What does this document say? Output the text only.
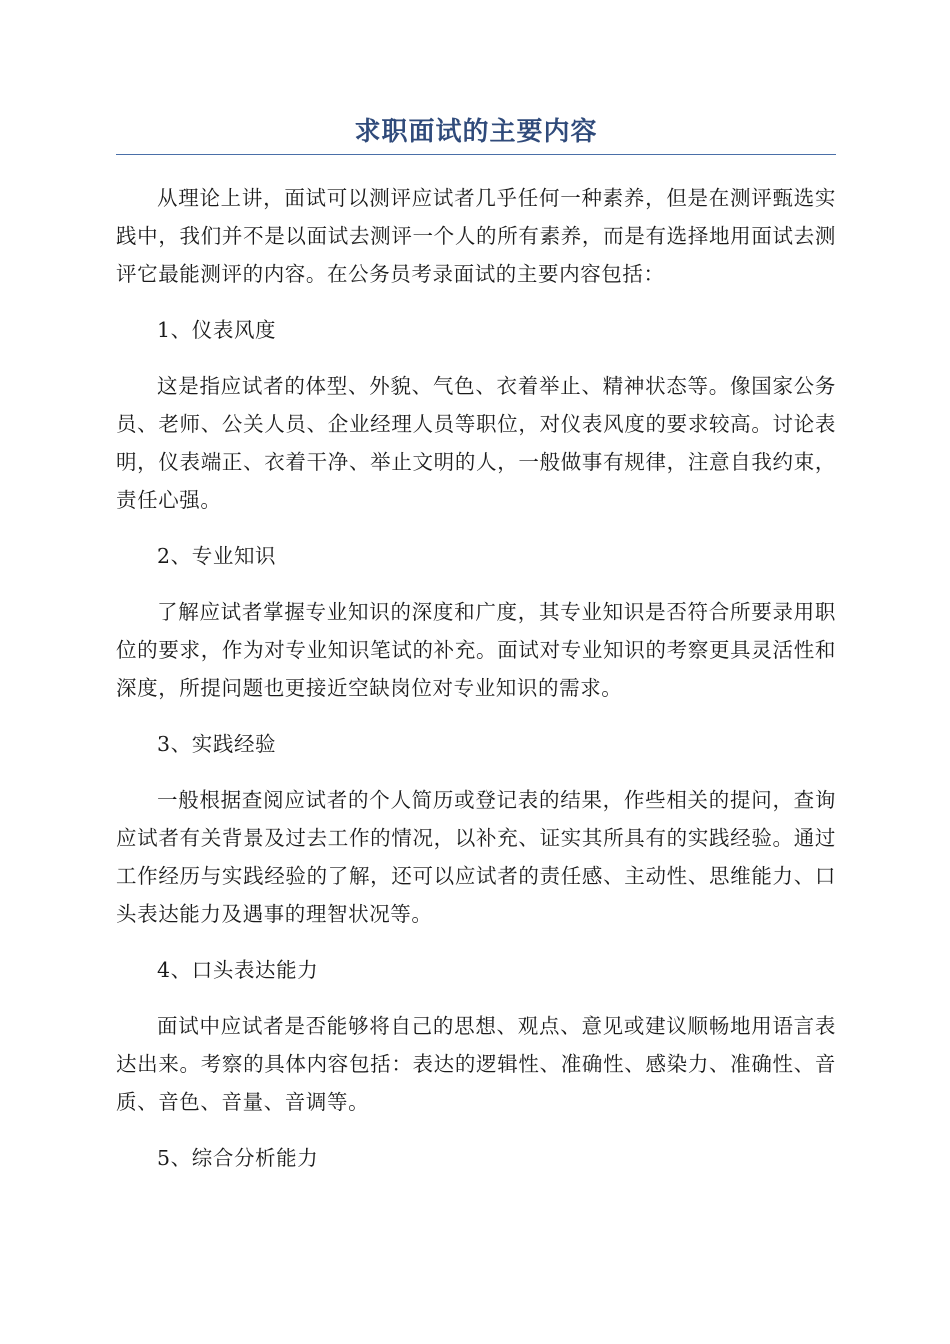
求职面试的主要内容

从理论上讲，面试可以测评应试者几乎任何一种素养，但是在测评甄选实践中，我们并不是以面试去测评一个人的所有素养，而是有选择地用面试去测评它最能测评的内容。在公务员考录面试的主要内容包括：

1、仪表风度

这是指应试者的体型、外貌、气色、衣着举止、精神状态等。像国家公务员、老师、公关人员、企业经理人员等职位，对仪表风度的要求较高。讨论表明，仪表端正、衣着干净、举止文明的人，一般做事有规律，注意自我约束，责任心强。

2、专业知识

了解应试者掌握专业知识的深度和广度，其专业知识是否符合所要录用职位的要求，作为对专业知识笔试的补充。面试对专业知识的考察更具灵活性和深度，所提问题也更接近空缺岗位对专业知识的需求。

3、实践经验

一般根据查阅应试者的个人简历或登记表的结果，作些相关的提问，查询应试者有关背景及过去工作的情况，以补充、证实其所具有的实践经验。通过工作经历与实践经验的了解，还可以应试者的责任感、主动性、思维能力、口头表达能力及遇事的理智状况等。

4、口头表达能力

面试中应试者是否能够将自己的思想、观点、意见或建议顺畅地用语言表达出来。考察的具体内容包括：表达的逻辑性、准确性、感染力、准确性、音质、音色、音量、音调等。

5、综合分析能力
